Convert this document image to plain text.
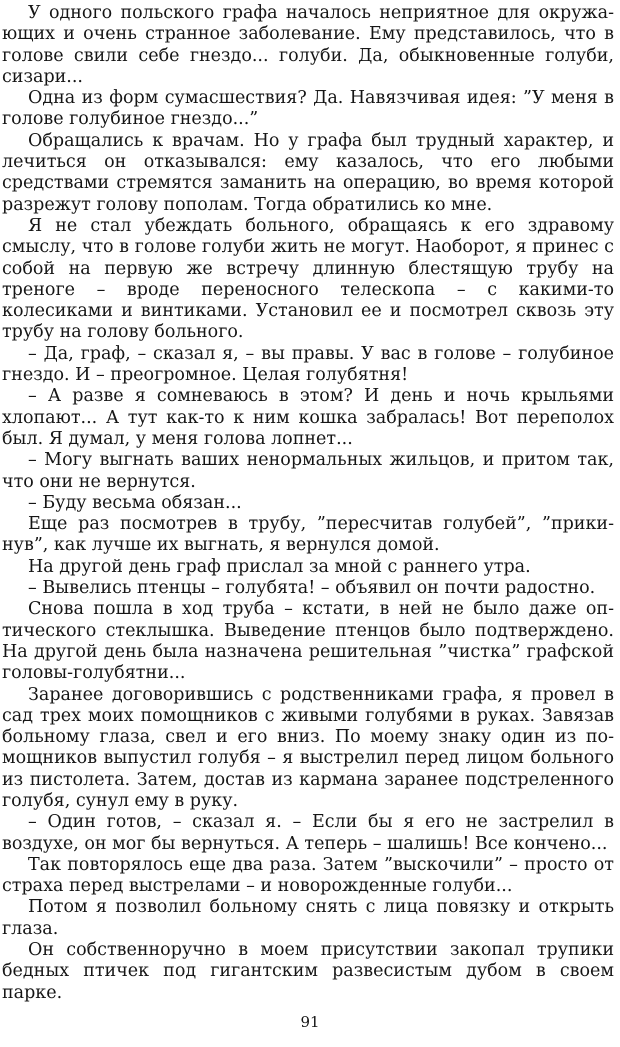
У одного польского графа началось неприятное для окружающих и очень странное заболевание. Ему представилось, что в голове свили себе гнездо... голуби. Да, обыкновенные голуби, сизари...

Одна из форм сумасшествия? Да. Навязчивая идея: ”У меня в голове голубиное гнездо...”

Обращались к врачам. Но у графа был трудный характер, и лечиться он отказывался: ему казалось, что его любыми средствами стремятся заманить на операцию, во время которой разрежут голову пополам. Тогда обратились ко мне.

Я не стал убеждать больного, обращаясь к его здравому смыслу, что в голове голуби жить не могут. Наоборот, я принес с собой на первую же встречу длинную блестящую трубу на треноге – вроде переносного телескопа – с какими-то колесиками и винтиками. Установил ее и посмотрел сквозь эту трубу на голову больного.

– Да, граф, – сказал я, – вы правы. У вас в голове – голубиное гнездо. И – преогромное. Целая голубятня!

– А разве я сомневаюсь в этом? И день и ночь крыльями хлопают... А тут как-то к ним кошка забралась! Вот переполох был. Я думал, у меня голова лопнет...

– Могу выгнать ваших ненормальных жильцов, и притом так, что они не вернутся.

– Буду весьма обязан...

Еще раз посмотрев в трубу, ”пересчитав голубей”, ”прикинув”, как лучше их выгнать, я вернулся домой.

На другой день граф прислал за мной с раннего утра.

– Вывелись птенцы – голубята! – объявил он почти радостно.

Снова пошла в ход труба – кстати, в ней не было даже оптического стеклышка. Выведение птенцов было подтверждено. На другой день была назначена решительная ”чистка” графской головы-голубятни...

Заранее договорившись с родственниками графа, я провел в сад трех моих помощников с живыми голубями в руках. Завязав больному глаза, свел и его вниз. По моему знаку один из помощников выпустил голубя – я выстрелил перед лицом больного из пистолета. Затем, достав из кармана заранее подстреленного голубя, сунул ему в руку.

– Один готов, – сказал я. – Если бы я его не застрелил в воздухе, он мог бы вернуться. А теперь – шалишь! Все кончено...

Так повторялось еще два раза. Затем ”выскочили” – просто от страха перед выстрелами – и новорожденные голуби...

Потом я позволил больному снять с лица повязку и открыть глаза.

Он собственноручно в моем присутствии закопал трупики бедных птичек под гигантским развесистым дубом в своем парке.

91
